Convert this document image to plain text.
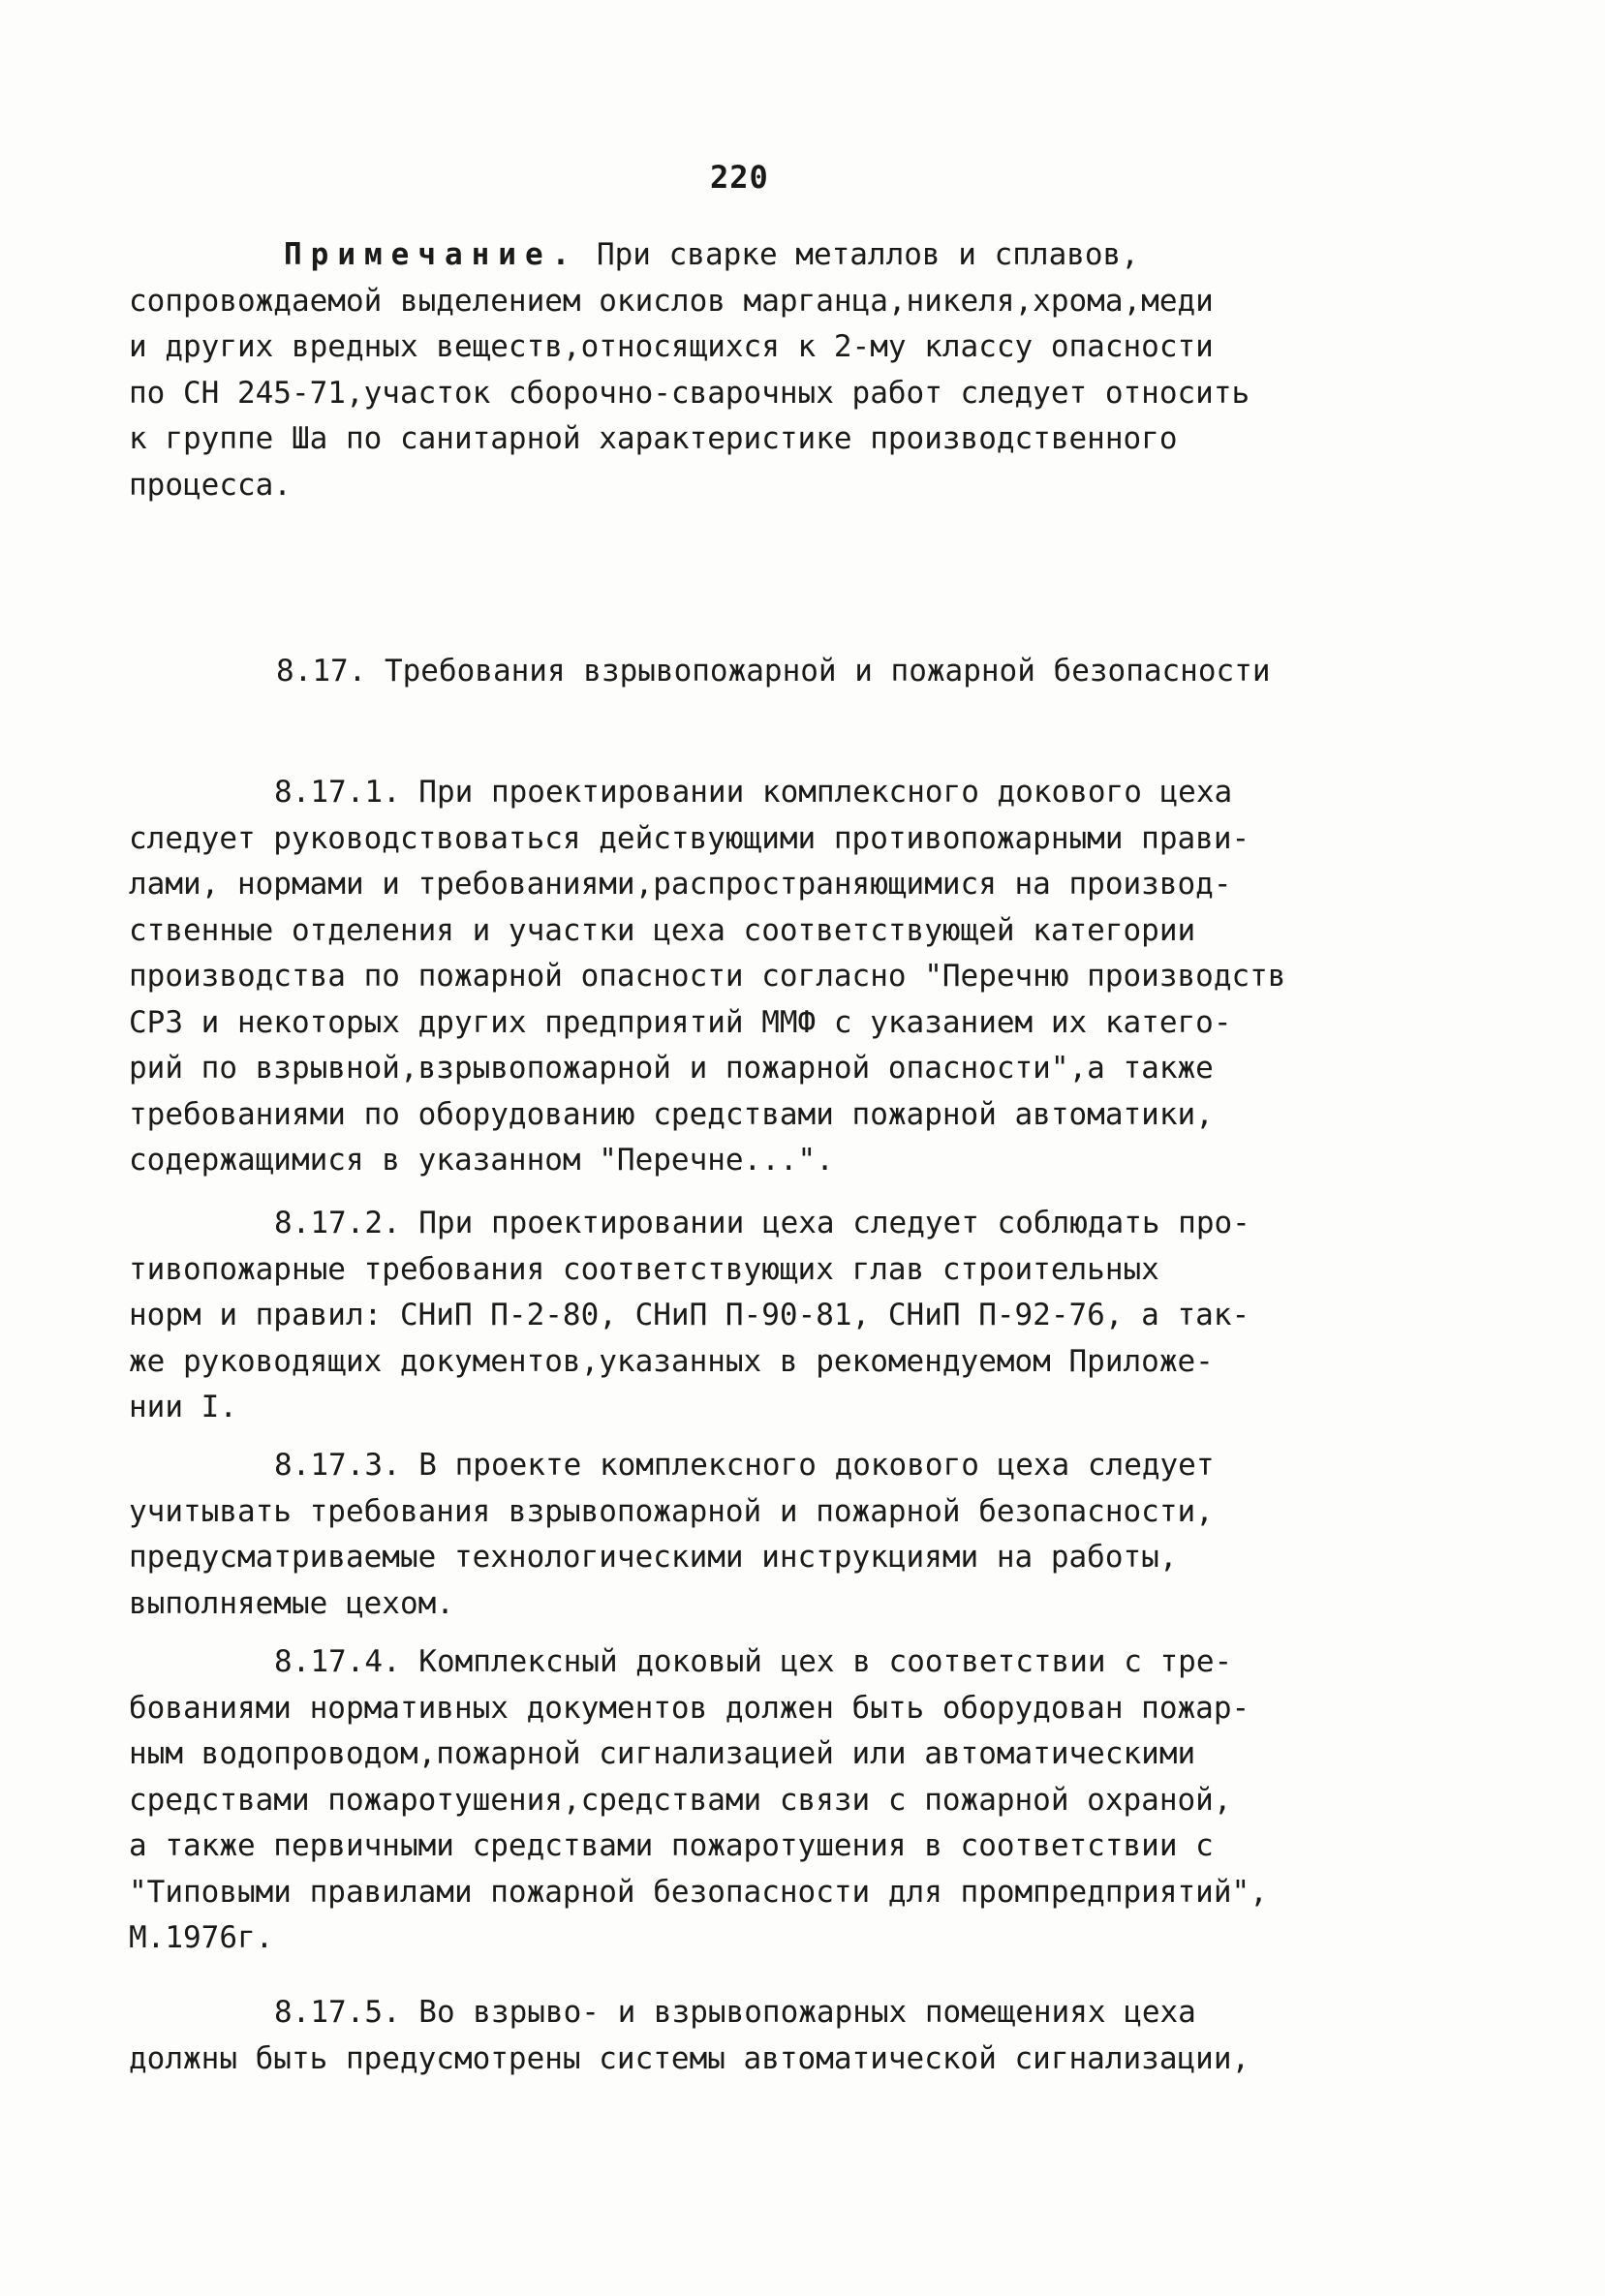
220
Примечание. При сварке металлов и сплавов,
сопровождаемой выделением окислов марганца,никеля,хрома,меди
и других вредных веществ,относящихся к 2-му классу опасности
по СН 245-71,участок сборочно-сварочных работ следует относить
к группе Ша по санитарной характеристике производственного
процесса.
8.17. Требования взрывопожарной и пожарной безопасности
8.17.1. При проектировании комплексного докового цеха
следует руководствоваться действующими противопожарными прави-
лами, нормами и требованиями,распространяющимися на производ-
ственные отделения и участки цеха соответствующей категории
производства по пожарной опасности согласно "Перечню производств
СРЗ и некоторых других предприятий ММФ с указанием их катего-
рий по взрывной,взрывопожарной и пожарной опасности",а также
требованиями по оборудованию средствами пожарной автоматики,
содержащимися в указанном "Перечне...".
8.17.2. При проектировании цеха следует соблюдать про-
тивопожарные требования соответствующих глав строительных
норм и правил: СНиП П-2-80, СНиП П-90-81, СНиП П-92-76, а так-
же руководящих документов,указанных в рекомендуемом Приложе-
нии I.
8.17.3. В проекте комплексного докового цеха следует
учитывать требования взрывопожарной и пожарной безопасности,
предусматриваемые технологическими инструкциями на работы,
выполняемые цехом.
8.17.4. Комплексный доковый цех в соответствии с тре-
бованиями нормативных документов должен быть оборудован пожар-
ным водопроводом,пожарной сигнализацией или автоматическими
средствами пожаротушения,средствами связи с пожарной охраной,
а также первичными средствами пожаротушения в соответствии с
"Типовыми правилами пожарной безопасности для промпредприятий",
М.1976г.
8.17.5. Во взрыво- и взрывопожарных помещениях цеха
должны быть предусмотрены системы автоматической сигнализации,
